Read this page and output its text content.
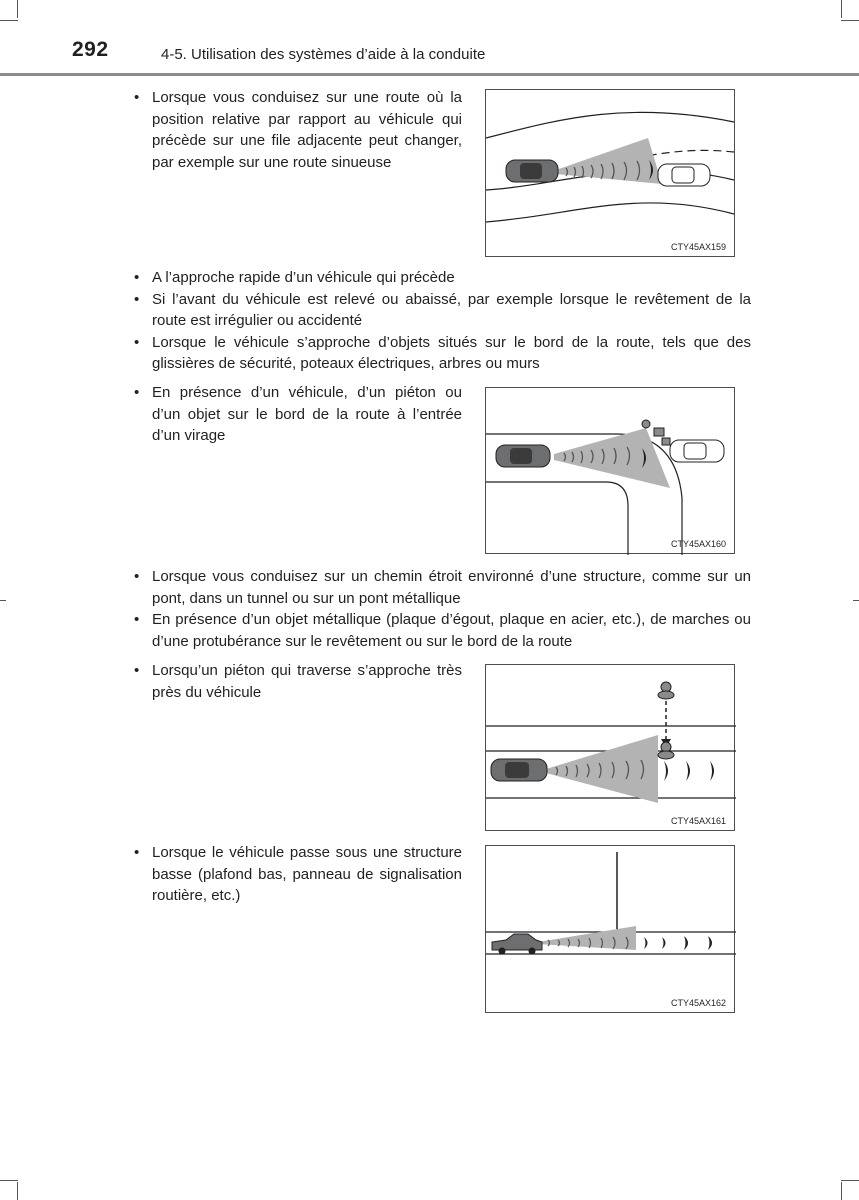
292	4-5. Utilisation des systèmes d’aide à la conduite
• Lorsque vous conduisez sur une route où la position relative par rapport au véhicule qui précède sur une file adjacente peut changer, par exemple sur une route sinueuse
CTY45AX159
• A l’approche rapide d’un véhicule qui précède
• Si l’avant du véhicule est relevé ou abaissé, par exemple lorsque le revêtement de la route est irrégulier ou accidenté
• Lorsque le véhicule s’approche d’objets situés sur le bord de la route, tels que des glissières de sécurité, poteaux électriques, arbres ou murs
• En présence d’un véhicule, d’un piéton ou d’un objet sur le bord de la route à l’entrée d’un virage
CTY45AX160
• Lorsque vous conduisez sur un chemin étroit environné d’une structure, comme sur un pont, dans un tunnel ou sur un pont métallique
• En présence d’un objet métallique (plaque d’égout, plaque en acier, etc.), de marches ou d’une protubérance sur le revêtement ou sur le bord de la route
• Lorsqu’un piéton qui traverse s’approche très près du véhicule
CTY45AX161
• Lorsque le véhicule passe sous une structure basse (plafond bas, panneau de signalisation routière, etc.)
CTY45AX162
